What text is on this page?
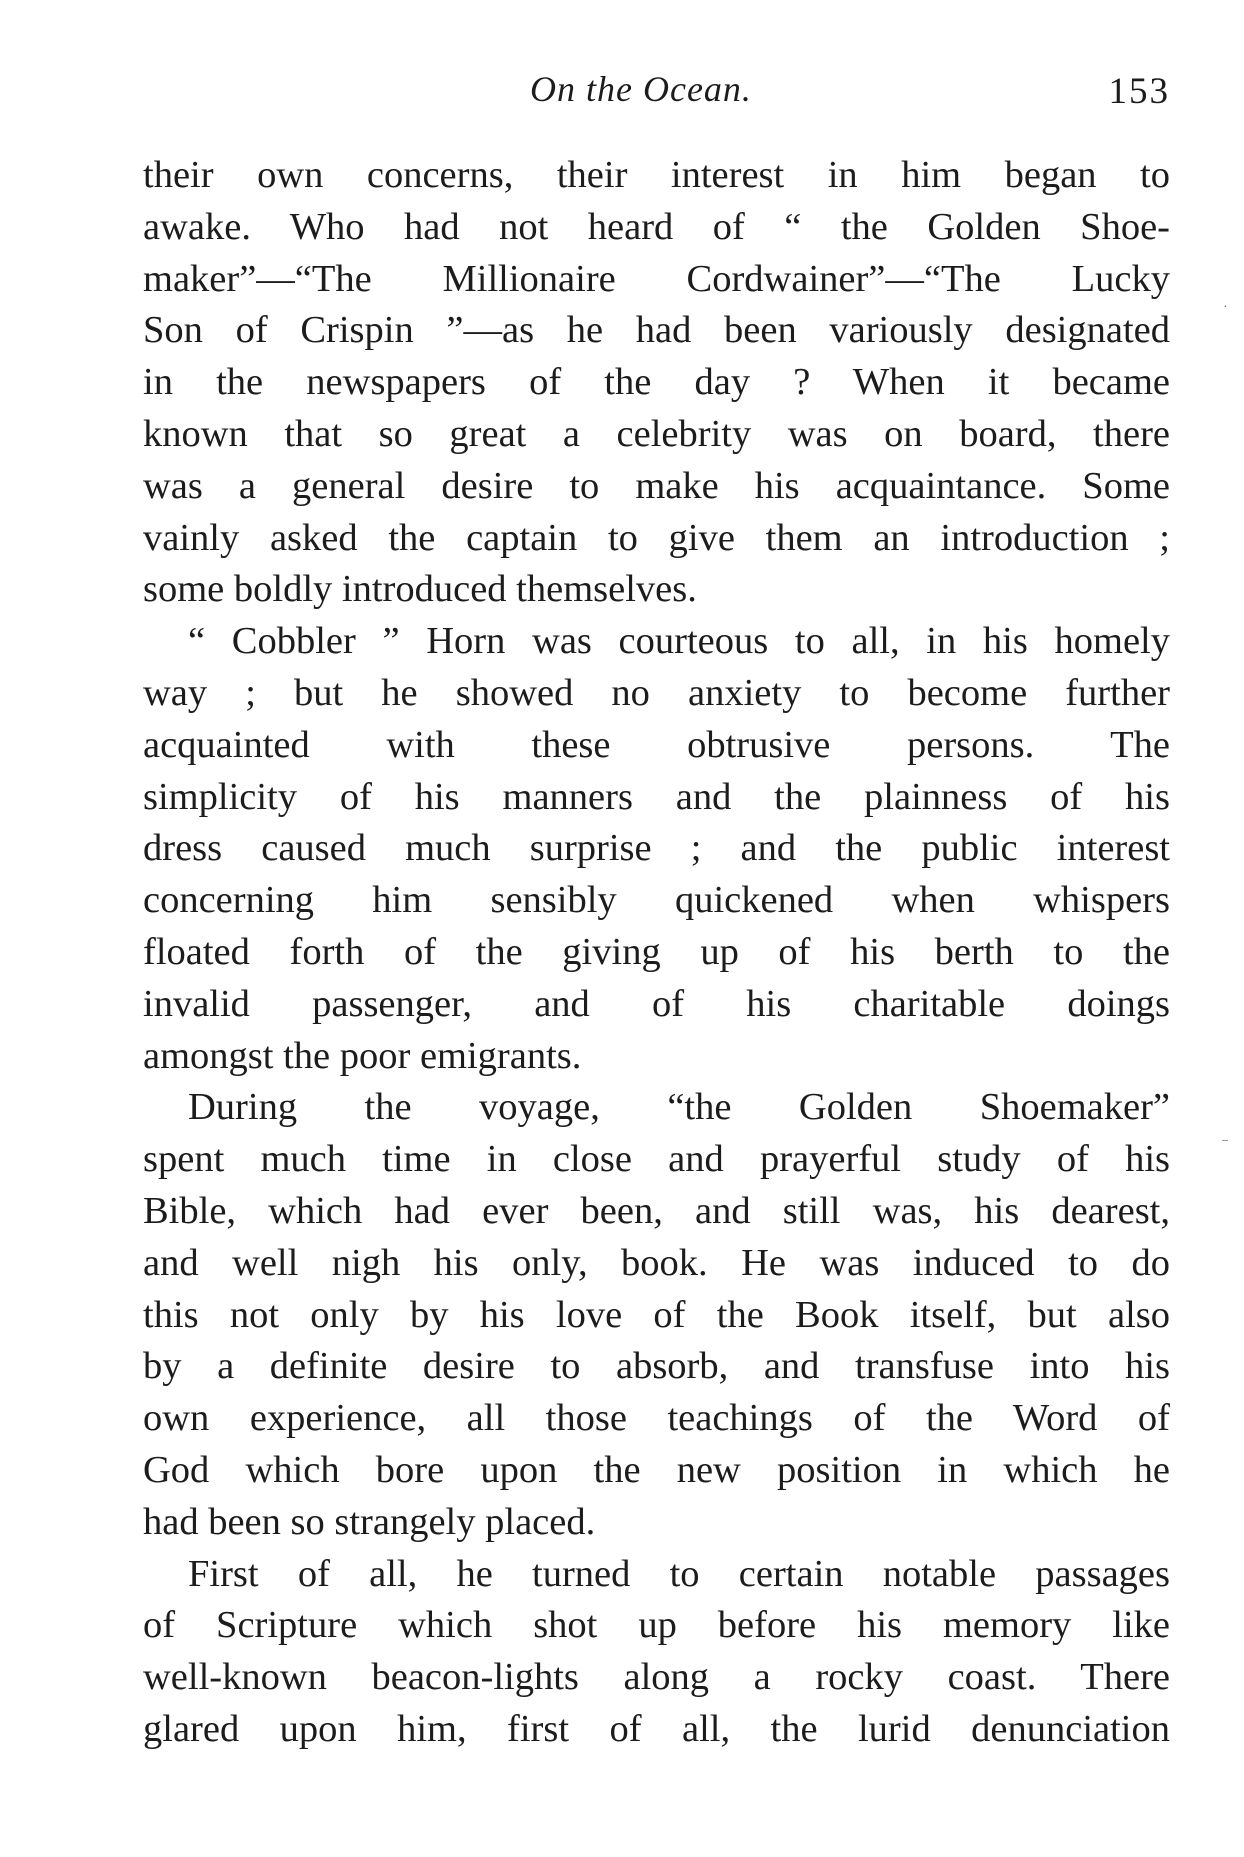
On the Ocean.	153
their own concerns, their interest in him began to
awake. Who had not heard of “ the Golden Shoe-
maker”—“The Millionaire Cordwainer”—“The Lucky
Son of Crispin ”—as he had been variously designated
in the newspapers of the day ? When it became
known that so great a celebrity was on board, there
was a general desire to make his acquaintance. Some
vainly asked the captain to give them an introduction ;
some boldly introduced themselves.
“ Cobbler ” Horn was courteous to all, in his homely
way ; but he showed no anxiety to become further
acquainted with these obtrusive persons. The
simplicity of his manners and the plainness of his
dress caused much surprise ; and the public interest
concerning him sensibly quickened when whispers
floated forth of the giving up of his berth to the
invalid passenger, and of his charitable doings
amongst the poor emigrants.
During the voyage, “the Golden Shoemaker”
spent much time in close and prayerful study of his
Bible, which had ever been, and still was, his dearest,
and well nigh his only, book. He was induced to do
this not only by his love of the Book itself, but also
by a definite desire to absorb, and transfuse into his
own experience, all those teachings of the Word of
God which bore upon the new position in which he
had been so strangely placed.
First of all, he turned to certain notable passages
of Scripture which shot up before his memory like
well-known beacon-lights along a rocky coast. There
glared upon him, first of all, the lurid denunciation
·
